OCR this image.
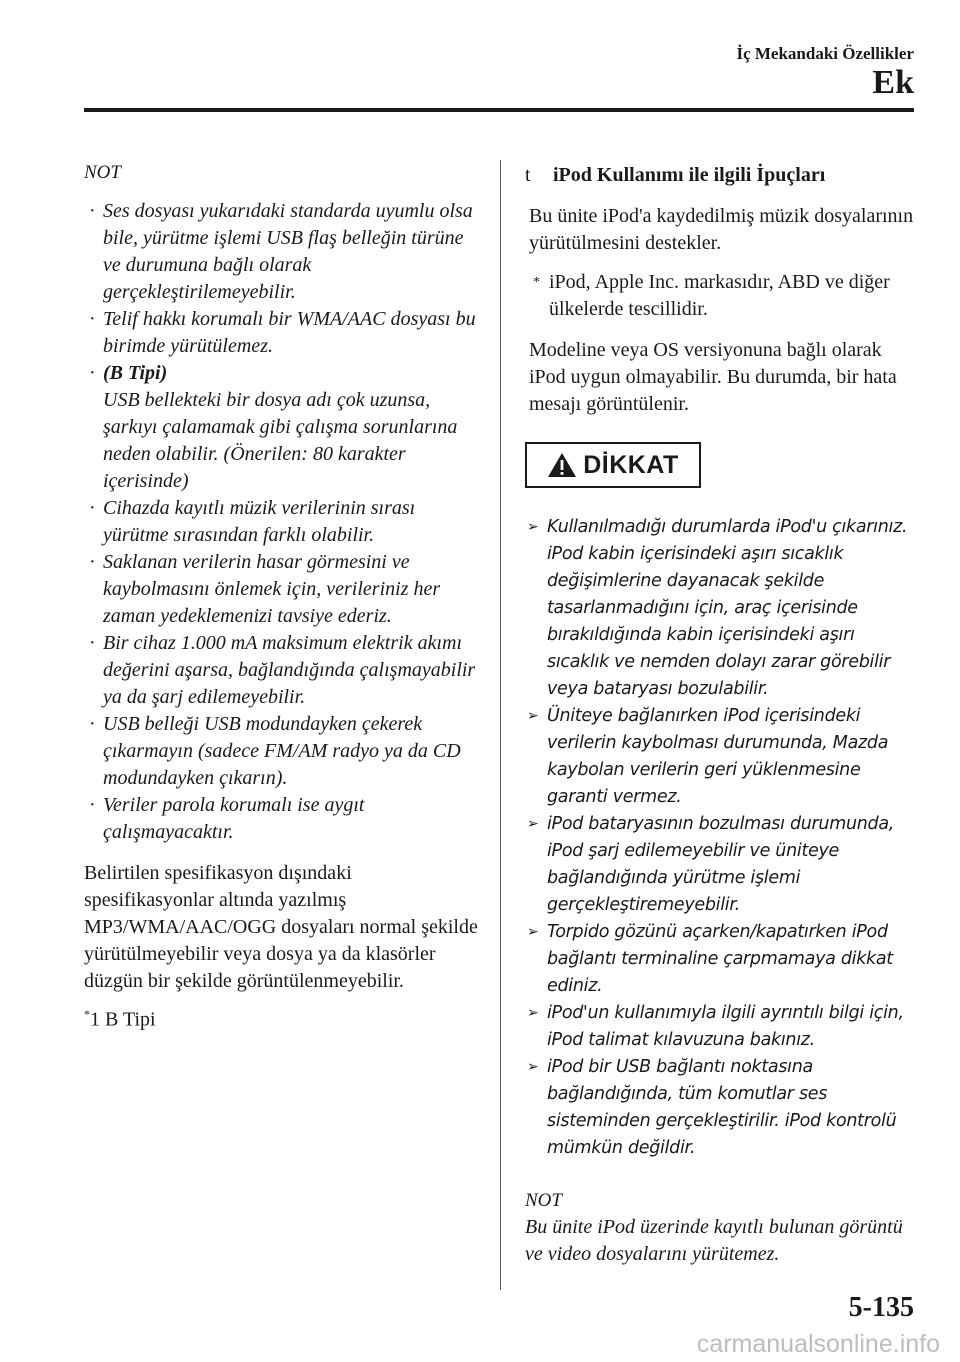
İç Mekandaki Özellikler
Ek
NOT
· Ses dosyası yukarıdaki standarda uyumlu olsa bile, yürütme işlemi USB flaş belleğin türüne ve durumuna bağlı olarak gerçekleştirilemeyebilir.
· Telif hakkı korumalı bir WMA/AAC dosyası bu birimde yürütülemez.
· (B Tipi)
USB bellekteki bir dosya adı çok uzunsa, şarkıyı çalamamak gibi çalışma sorunlarına neden olabilir. (Önerilen: 80 karakter içerisinde)
· Cihazda kayıtlı müzik verilerinin sırası yürütme sırasından farklı olabilir.
· Saklanan verilerin hasar görmesini ve kaybolmasını önlemek için, verileriniz her zaman yedeklemenizi tavsiye ederiz.
· Bir cihaz 1.000 mA maksimum elektrik akımı değerini aşarsa, bağlandığında çalışmayabilir ya da şarj edilemeyebilir.
· USB belleği USB modundayken çekerek çıkarmayın (sadece FM/AM radyo ya da CD modundayken çıkarın).
· Veriler parola korumalı ise aygıt çalışmayacaktır.

Belirtilen spesifikasyon dışındaki spesifikasyonlar altında yazılmış MP3/WMA/AAC/OGG dosyaları normal şekilde yürütülmeyebilir veya dosya ya da klasörler düzgün bir şekilde görüntülenmeyebilir.

*1 B Tipi
t iPod Kullanımı ile ilgili İpuçları

Bu ünite iPod'a kaydedilmiş müzik dosyalarının yürütülmesini destekler.

* iPod, Apple Inc. markasıdır, ABD ve diğer ülkelerde tescillidir.

Modeline veya OS versiyonuna bağlı olarak iPod uygun olmayabilir. Bu durumda, bir hata mesajı görüntülenir.

DİKKAT
➢ Kullanılmadığı durumlarda iPod'u çıkarınız. iPod kabin içerisindeki aşırı sıcaklık değişimlerine dayanacak şekilde tasarlanmadığını için, araç içerisinde bırakıldığında kabin içerisindeki aşırı sıcaklık ve nemden dolayı zarar görebilir veya bataryası bozulabilir.
➢ Üniteye bağlanırken iPod içerisindeki verilerin kaybolması durumunda, Mazda kaybolan verilerin geri yüklenmesine garanti vermez.
➢ iPod bataryasının bozulması durumunda, iPod şarj edilemeyebilir ve üniteye bağlandığında yürütme işlemi gerçekleştiremeyebilir.
➢ Torpido gözünü açarken/kapatırken iPod bağlantı terminaline çarpmamaya dikkat ediniz.
➢ iPod'un kullanımıyla ilgili ayrıntılı bilgi için, iPod talimat kılavuzuna bakınız.
➢ iPod bir USB bağlantı noktasına bağlandığında, tüm komutlar ses sisteminden gerçekleştirilir. iPod kontrolü mümkün değildir.
NOT
Bu ünite iPod üzerinde kayıtlı bulunan görüntü ve video dosyalarını yürütemez.
5-135
carmanualsonline.info
